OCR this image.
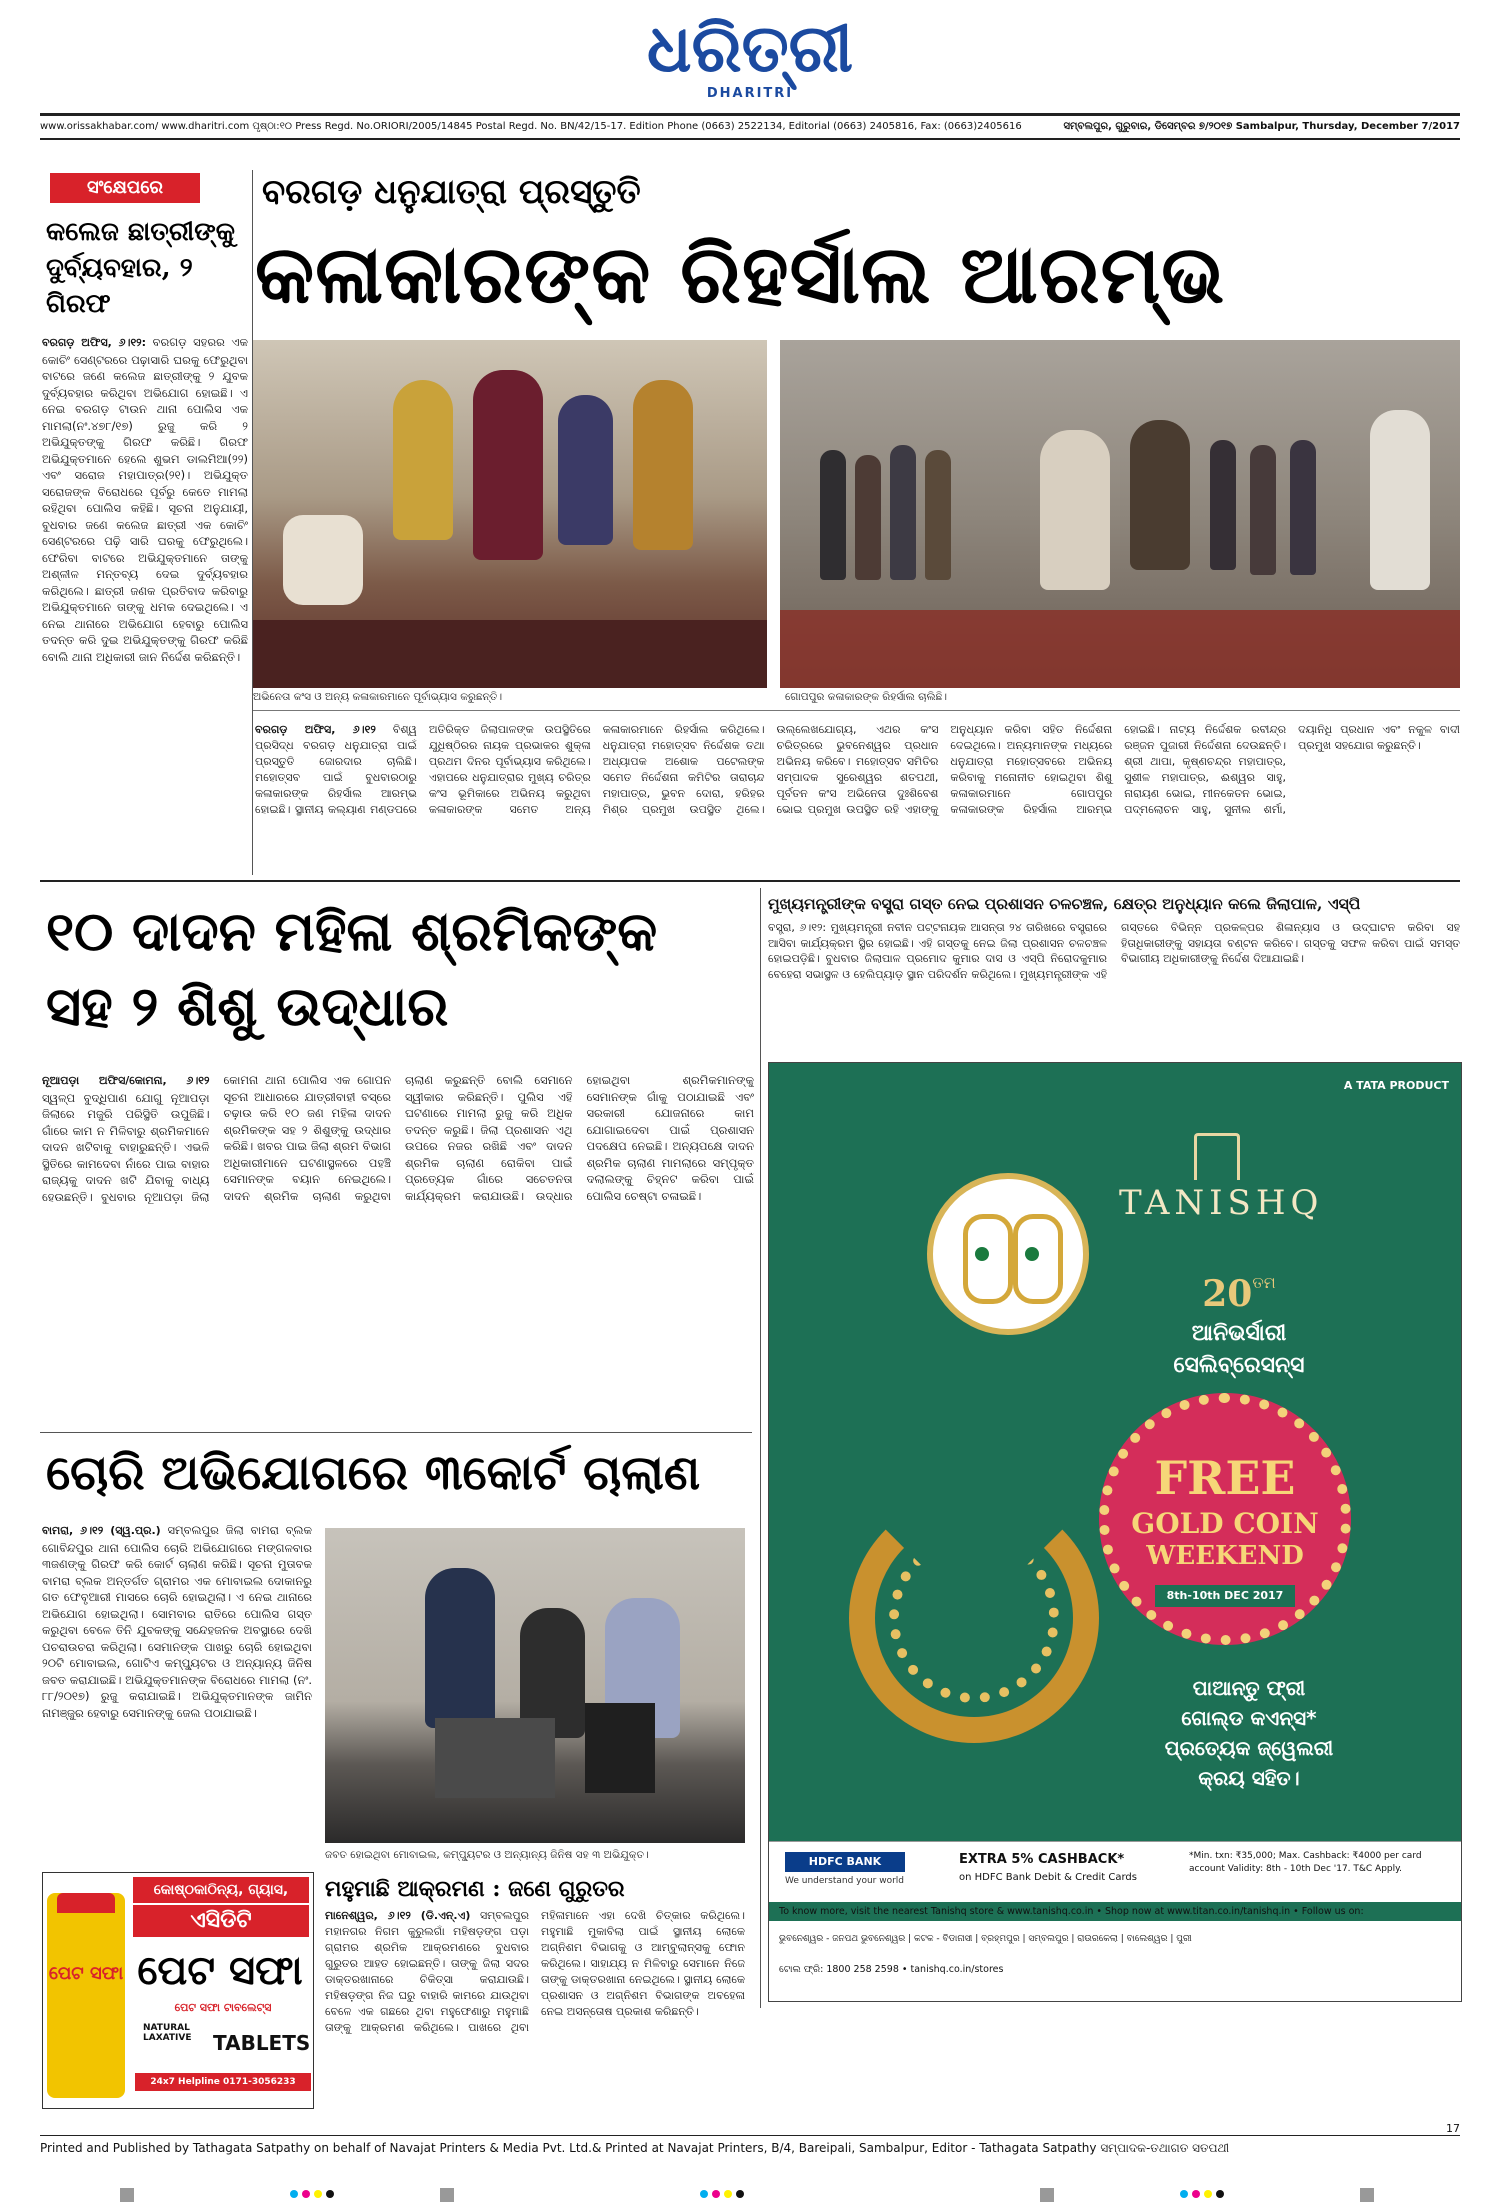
ଧରିତ୍ରୀ
DHARITRI
www.orissakhabar.com/ www.dharitri.com ପୃଷ୍ଠା:୧୦ Press Regd. No.ORIORI/2005/14845 Postal Regd. No. BN/42/15-17. Edition Phone (0663) 2522134, Editorial (0663) 2405816, Fax: (0663)2405616	ସମ୍ବଲପୁର, ଗୁରୁବାର, ଡିସେମ୍ବର ୭/୨୦୧୭ Sambalpur, Thursday, December 7/2017
ସଂକ୍ଷେପରେ
କଲେଜ ଛାତ୍ରୀଙ୍କୁ ଦୁର୍ବ୍ୟବହାର, ୨ ଗିରଫ
ବରଗଡ଼ ଅଫିସ, ୬।୧୨: ବରଗଡ଼ ସହରର ଏକ କୋଚିଂ ସେଣ୍ଟରରେ ପଢ଼ାସାରି ଘରକୁ ଫେରୁଥିବା ବାଟରେ ଜଣେ କଲେଜ ଛାତ୍ରୀଙ୍କୁ ୨ ଯୁବକ ଦୁର୍ବ୍ୟବହାର କରିଥିବା ଅଭିଯୋଗ ହୋଇଛି। ଏ ନେଇ ବରଗଡ଼ ଟାଉନ ଥାନା ପୋଲିସ ଏକ ମାମଲା(ନଂ.୪୭୮/୧୭) ରୁଜୁ କରି ୨ ଅଭିଯୁକ୍ତଙ୍କୁ ଗିରଫ କରିଛି। ଗିରଫ ଅଭିଯୁକ୍ତମାନେ ହେଲେ ଶୁଭମ ଡାଲମିଆ(୨୨) ଏବଂ ସରୋଜ ମହାପାତ୍ର(୨୧)। ଅଭିଯୁକ୍ତ ସରୋଜଙ୍କ ବିରୋଧରେ ପୂର୍ବରୁ କେତେ ମାମଲା ରହିଥିବା ପୋଲିସ କହିଛି। ସୂଚନା ଅନୁଯାୟୀ, ବୁଧବାର ଜଣେ କଲେଜ ଛାତ୍ରୀ ଏକ କୋଚିଂ ସେଣ୍ଟରରେ ପଢ଼ି ସାରି ଘରକୁ ଫେରୁଥିଲେ। ଫେରିବା ବାଟରେ ଅଭିଯୁକ୍ତମାନେ ତାଙ୍କୁ ଅଶ୍ଳୀଳ ମନ୍ତବ୍ୟ ଦେଇ ଦୁର୍ବ୍ୟବହାର କରିଥିଲେ। ଛାତ୍ରୀ ଜଣକ ପ୍ରତିବାଦ କରିବାରୁ ଅଭିଯୁକ୍ତମାନେ ତାଙ୍କୁ ଧମକ ଦେଇଥିଲେ। ଏ ନେଇ ଥାନାରେ ଅଭିଯୋଗ ହେବାରୁ ପୋଲିସ ତଦନ୍ତ କରି ଦୁଇ ଅଭିଯୁକ୍ତଙ୍କୁ ଗିରଫ କରିଛି ବୋଲି ଥାନା ଅଧିକାରୀ ଜାନ ନିର୍ଦ୍ଦେଶ କରିଛନ୍ତି।
ବରଗଡ଼ ଧନୁଯାତ୍ରା ପ୍ରସ୍ତୁତି
କଳାକାରଙ୍କ ରିହର୍ସାଲ ଆରମ୍ଭ
ଅଭିନେତା କଂସ ଓ ଅନ୍ୟ କଳାକାରମାନେ ପୂର୍ବାଭ୍ୟାସ କରୁଛନ୍ତି।	ଗୋପପୁର କଳାକାରଙ୍କ ରିହର୍ସାଲ ଚାଲିଛି।
ବରଗଡ଼ ଅଫିସ, ୬।୧୨ ବିଶ୍ୱ ପ୍ରସିଦ୍ଧ ବରଗଡ଼ ଧନୁଯାତ୍ରା ପାଇଁ ପ୍ରସ୍ତୁତି ଜୋରଦାର ଚାଲିଛି। ମହୋତ୍ସବ ପାଇଁ ବୁଧବାରଠାରୁ କଳାକାରଙ୍କ ରିହର୍ସାଲ ଆରମ୍ଭ ହୋଇଛି। ସ୍ଥାନୀୟ କଲ୍ୟାଣ ମଣ୍ଡପରେ ଅତିରିକ୍ତ ଜିଲାପାଳଙ୍କ ଉପସ୍ଥିତିରେ ଯୁଧିଷ୍ଠିରର ନାୟକ ପ୍ରଭାକର ଶୁକ୍ଳା ପ୍ରଥମ ଦିନର ପୂର୍ବାଭ୍ୟାସ କରିଥିଲେ। ଏହାପରେ ଧନୁଯାତ୍ରାର ମୁଖ୍ୟ ଚରିତ୍ର କଂସ ଭୂମିକାରେ ଅଭିନୟ କରୁଥିବା କଳାକାରଙ୍କ ସମେତ ଅନ୍ୟ କଳାକାରମାନେ ରିହର୍ସାଲ କରିଥିଲେ। ଧନୁଯାତ୍ରା ମହୋତ୍ସବ ନିର୍ଦ୍ଦେଶକ ତଥା ଅଧ୍ୟାପକ ଅଶୋକ ପଟେଲଙ୍କ ସମେତ ନିର୍ଦ୍ଦେଶନା କମିଟିର ତାରାଚାନ୍ଦ ମହାପାତ୍ର, ଭୁବନ ଦୋରା, ହରିହର ମିଶ୍ର ପ୍ରମୁଖ ଉପସ୍ଥିତ ଥିଲେ। ଉଲ୍ଲେଖଯୋଗ୍ୟ, ଏଥର କଂସ ଚରିତ୍ରରେ ଭୁବନେଶ୍ୱର ପ୍ରଧାନ ଅଭିନୟ କରିବେ। ମହୋତ୍ସବ ସମିତିର ସମ୍ପାଦକ ସୁରେଶ୍ୱର ଶତପଥୀ, ପୂର୍ବତନ କଂସ ଅଭିନେତା ଦୁଃଶିବେଶ ଭୋଇ ପ୍ରମୁଖ ଉପସ୍ଥିତ ରହି ଏହାଙ୍କୁ ଅନୁଧ୍ୟାନ କରିବା ସହିତ ନିର୍ଦ୍ଦେଶନା ଦେଇଥିଲେ। ଅନ୍ୟମାନଙ୍କ ମଧ୍ୟରେ ଧନୁଯାତ୍ରା ମହୋତ୍ସବରେ ଅଭିନୟ କରିବାକୁ ମନୋନୀତ ହୋଇଥିବା ଶିଶୁ କଳାକାରମାନେ ଗୋପପୁର କଳାକାରଙ୍କ ରିହର୍ସାଲ ଆରମ୍ଭ ହୋଇଛି। ନାଟ୍ୟ ନିର୍ଦ୍ଦେଶକ ରବୀନ୍ଦ୍ର ରଞ୍ଜନ ପୁଜାରୀ ନିର୍ଦ୍ଦେଶନା ଦେଉଛନ୍ତି। ଶ୍ରୀ ଥାପା, କୃଷ୍ଣଚନ୍ଦ୍ର ମହାପାତ୍ର, ସୁଶୀଳ ମହାପାତ୍ର, ଈଶ୍ୱର ସାହୁ, ନାରାୟଣ ଭୋଇ, ମୀନକେତନ ଭୋଇ, ପଦ୍ମଲୋଚନ ସାହୁ, ସୁନୀଲ ଶର୍ମା, ଦୟାନିଧି ପ୍ରଧାନ ଏବଂ ନକୁଳ ବାଦୀ ପ୍ରମୁଖ ସହଯୋଗ କରୁଛନ୍ତି।
୧୦ ଦାଦନ ମହିଳା ଶ୍ରମିକଙ୍କ
ସହ ୨ ଶିଶୁ ଉଦ୍ଧାର
ନୂଆପଡ଼ା ଅଫିସ/କୋମନା, ୬।୧୨ ସ୍ୱଳ୍ପ ବୁଦ୍ଧିପାଣ ଯୋଗୁ ନୂଆପଡ଼ା ଜିଲାରେ ମଜୁରି ପରିସ୍ଥିତି ଉପୁଜିଛି। ଗାଁରେ କାମ ନ ମିଳିବାରୁ ଶ୍ରମିକମାନେ ଦାଦନ ଖଟିବାକୁ ବାହାରୁଛନ୍ତି। ଏଭଳି ସ୍ଥିତିରେ କାମଦେବା ନାଁରେ ପାଇ ବାହାର ରାଜ୍ୟକୁ ଦାଦନ ଖଟି ଯିବାକୁ ବାଧ୍ୟ ହେଉଛନ୍ତି। ବୁଧବାର ନୂଆପଡ଼ା ଜିଲା କୋମନା ଥାନା ପୋଲିସ ଏକ ଗୋପନ ସୂଚନା ଆଧାରରେ ଯାତ୍ରୀବାହୀ ବସ୍‌ରେ ଚଢ଼ାଉ କରି ୧୦ ଜଣ ମହିଳା ଦାଦନ ଶ୍ରମିକଙ୍କ ସହ ୨ ଶିଶୁଙ୍କୁ ଉଦ୍ଧାର କରିଛି। ଖବର ପାଇ ଜିଲା ଶ୍ରମ ବିଭାଗ ଅଧିକାରୀମାନେ ଘଟଣାସ୍ଥଳରେ ପହଞ୍ଚି ସେମାନଙ୍କ ବୟାନ ନେଇଥିଲେ। ଦାଦନ ଶ୍ରମିକ ଚାଲାଣ କରୁଥିବା ଚାଲାଣ କରୁଛନ୍ତି ବୋଲି ସେମାନେ ସ୍ୱୀକାର କରିଛନ୍ତି। ପୁଲିସ ଏହି ଘଟଣାରେ ମାମଲା ରୁଜୁ କରି ଅଧିକ ତଦନ୍ତ କରୁଛି। ଜିଲା ପ୍ରଶାସନ ଏଥି ଉପରେ ନଜର ରଖିଛି ଏବଂ ଦାଦନ ଶ୍ରମିକ ଚାଲାଣ ରୋକିବା ପାଇଁ ପ୍ରତ୍ୟେକ ଗାଁରେ ସଚେତନତା କାର୍ଯ୍ୟକ୍ରମ କରାଯାଉଛି। ଉଦ୍ଧାର ହୋଇଥିବା ଶ୍ରମିକମାନଙ୍କୁ ସେମାନଙ୍କ ଗାଁକୁ ପଠାଯାଇଛି ଏବଂ ସରକାରୀ ଯୋଜନାରେ କାମ ଯୋଗାଇଦେବା ପାଇଁ ପ୍ରଶାସନ ପଦକ୍ଷେପ ନେଇଛି। ଅନ୍ୟପକ୍ଷେ ଦାଦନ ଶ୍ରମିକ ଚାଲାଣ ମାମଲାରେ ସମ୍ପୃକ୍ତ ଦଲାଲଙ୍କୁ ଚିହ୍ନଟ କରିବା ପାଇଁ ପୋଲିସ ଚେଷ୍ଟା ଚଳାଇଛି।
ମୁଖ୍ୟମନ୍ତ୍ରୀଙ୍କ ବସ୍ତ୍ରା ଗସ୍ତ ନେଇ ପ୍ରଶାସନ ଚଳଚଞ୍ଚଳ, କ୍ଷେତ୍ର ଅନୁଧ୍ୟାନ କଲେ ଜିଲାପାଳ, ଏସ୍‌ପି
ବସ୍ତ୍ରା, ୬।୧୨: ମୁଖ୍ୟମନ୍ତ୍ରୀ ନବୀନ ପଟ୍ଟନାୟକ ଆସନ୍ତା ୨୪ ତାରିଖରେ ବସ୍ତ୍ରାରେ ଆସିବା କାର୍ଯ୍ୟକ୍ରମ ସ୍ଥିର ହୋଇଛି। ଏହି ଗସ୍ତକୁ ନେଇ ଜିଲା ପ୍ରଶାସନ ଚଳଚଞ୍ଚଳ ହୋଇପଡ଼ିଛି। ବୁଧବାର ଜିଲାପାଳ ପ୍ରମୋଦ କୁମାର ଦାସ ଓ ଏସ୍‌ପି ନିରୋଦକୁମାର ବେହେରା ସଭାସ୍ଥଳ ଓ ହେଲିପ୍ୟାଡ଼ ସ୍ଥାନ ପରିଦର୍ଶନ କରିଥିଲେ। ମୁଖ୍ୟମନ୍ତ୍ରୀଙ୍କ ଏହି ଗସ୍ତରେ ବିଭିନ୍ନ ପ୍ରକଳ୍ପର ଶିଳାନ୍ୟାସ ଓ ଉଦ୍‌ଘାଟନ କରିବା ସହ ହିତାଧିକାରୀଙ୍କୁ ସହାୟତା ବଣ୍ଟନ କରିବେ। ଗସ୍ତକୁ ସଫଳ କରିବା ପାଇଁ ସମସ୍ତ ବିଭାଗୀୟ ଅଧିକାରୀଙ୍କୁ ନିର୍ଦ୍ଦେଶ ଦିଆଯାଇଛି।
A TATA PRODUCT
TANISHQ
20ତମ
ଆନିଭର୍ସାରୀ
ସେଲିବ୍ରେସନ୍‌ସ
FREE
GOLD COIN
WEEKEND
8th-10th DEC 2017
ପାଆନ୍ତୁ ଫ୍ରୀ
ଗୋଲ୍ଡ କଏନ୍‌ସ*
ପ୍ରତ୍ୟେକ ଜ୍ୱେଲରୀ
କ୍ରୟ ସହିତ।
HDFC BANK
We understand your world
EXTRA 5% CASHBACK*
on HDFC Bank Debit & Credit Cards
*Min. txn: ₹35,000; Max. Cashback: ₹4000 per card account Validity: 8th - 10th Dec '17. T&C Apply.
To know more, visit the nearest Tanishq store & www.tanishq.co.in • Shop now at www.titan.co.in/tanishq.in • Follow us on:
ଭୁବନେଶ୍ୱର - ଜନପଥ ଭୁବନେଶ୍ୱର | କଟକ - ବିଡାନାସୀ | ବ୍ରହ୍ମପୁର | ସମ୍ବଲପୁର | ରାଉରକେଲା | ବାଲେଶ୍ୱର | ପୁରୀ
ଟୋଲ ଫ୍ରି: 1800 258 2598 • tanishq.co.in/stores
ଚୋରି ଅଭିଯୋଗରେ ୩କୋର୍ଟ ଚାଲାଣ
ବାମରା, ୬।୧୨ (ସ୍ୱ.ପ୍ର.) ସମ୍ବଲପୁର ଜିଲା ବାମରା ବ୍ଲକ ଗୋବିନ୍ଦପୁର ଥାନା ପୋଲିସ ଚୋରି ଅଭିଯୋଗରେ ମଙ୍ଗଳବାର ୩ଜଣଙ୍କୁ ଗିରଫ କରି କୋର୍ଟ ଚାଲାଣ କରିଛି। ସୂଚନା ମୁତାବକ ବାମରା ବ୍ଲକ ଅନ୍ତର୍ଗତ ଗ୍ରାମର ଏକ ମୋବାଇଲ ଦୋକାନରୁ ଗତ ଫେବୃଆରୀ ମାସରେ ଚୋରି ହୋଇଥିଲା। ଏ ନେଇ ଥାନାରେ ଅଭିଯୋଗ ହୋଇଥିଲା। ସୋମବାର ରାତିରେ ପୋଲିସ ଗସ୍ତ କରୁଥିବା ବେଳେ ତିନି ଯୁବକଙ୍କୁ ସନ୍ଦେହଜନକ ଅବସ୍ଥାରେ ଦେଖି ପଚରାଉଚରା କରିଥିଲା। ସେମାନଙ୍କ ପାଖରୁ ଚୋରି ହୋଇଥିବା ୨୦ଟି ମୋବାଇଲ, ଗୋଟିଏ କମ୍ପ୍ୟୁଟର ଓ ଅନ୍ୟାନ୍ୟ ଜିନିଷ ଜବତ କରାଯାଇଛି। ଅଭିଯୁକ୍ତମାନଙ୍କ ବିରୋଧରେ ମାମଲା (ନଂ. ୮୮/୨୦୧୭) ରୁଜୁ କରାଯାଇଛି। ଅଭିଯୁକ୍ତମାନଙ୍କ ଜାମିନ ନାମଞ୍ଜୁର ହେବାରୁ ସେମାନଙ୍କୁ ଜେଲ ପଠାଯାଇଛି।
ଜବତ ହୋଇଥିବା ମୋବାଇଲ, କମ୍ପ୍ୟୁଟର ଓ ଅନ୍ୟାନ୍ୟ ଜିନିଷ ସହ ୩ ଅଭିଯୁକ୍ତ।
କୋଷ୍ଠକାଠିନ୍ୟ, ଗ୍ୟାସ,
ଏସିଡିଟି
ପେଟ ସଫା ପେଟ ସଫା
ପେଟ ସଫା ଟାବଲେଟ୍ସ
NATURAL LAXATIVE	TABLETS
24x7 Helpline 0171-3056233
ମହୁମାଛି ଆକ୍ରମଣ : ଜଣେ ଗୁରୁତର
ମାନେଶ୍ୱର, ୬।୧୨ (ଡି.ଏନ୍.ଏ) ସମ୍ବଲପୁର ମହାନଗର ନିଗମ କୁରୁଲଗାଁ ମହିଷଡ଼ଙ୍ଗ ପଡ଼ା ଗ୍ରାମର ଶ୍ରମିକ ଆକ୍ରମଣରେ ବୁଧବାର ଗୁରୁତର ଆହତ ହୋଇଛନ୍ତି। ତାଙ୍କୁ ଜିଲା ସଦର ଡାକ୍ତରଖାନାରେ ଚିକିତ୍ସା କରାଯାଉଛି। ମହିଷଡ଼ଙ୍ଗ ନିଜ ଘରୁ ବାହାରି କାମରେ ଯାଉଥିବା ବେଳେ ଏକ ଗଛରେ ଥିବା ମହୁଫେଣାରୁ ମହୁମାଛି ତାଙ୍କୁ ଆକ୍ରମଣ କରିଥିଲେ। ପାଖରେ ଥିବା ମହିଳାମାନେ ଏହା ଦେଖି ଚିତ୍କାର କରିଥିଲେ। ମହୁମାଛି ମୁକାବିଲା ପାଇଁ ସ୍ଥାନୀୟ ଲୋକେ ଅଗ୍ନିଶମ ବିଭାଗକୁ ଓ ଆମ୍ବୁଲାନ୍ସକୁ ଫୋନ କରିଥିଲେ। ସାହାଯ୍ୟ ନ ମିଳିବାରୁ ସେମାନେ ନିଜେ ତାଙ୍କୁ ଡାକ୍ତରଖାନା ନେଇଥିଲେ। ସ୍ଥାନୀୟ ଲୋକେ ପ୍ରଶାସନ ଓ ଅଗ୍ନିଶମ ବିଭାଗଙ୍କ ଅବହେଳା ନେଇ ଅସନ୍ତୋଷ ପ୍ରକାଶ କରିଛନ୍ତି।
Printed and Published by Tathagata Satpathy on behalf of Navajat Printers & Media Pvt. Ltd.& Printed at Navajat Printers, B/4, Bareipali, Sambalpur, Editor - Tathagata Satpathy ସମ୍ପାଦକ-ତଥାଗତ ସତପଥୀ
17
